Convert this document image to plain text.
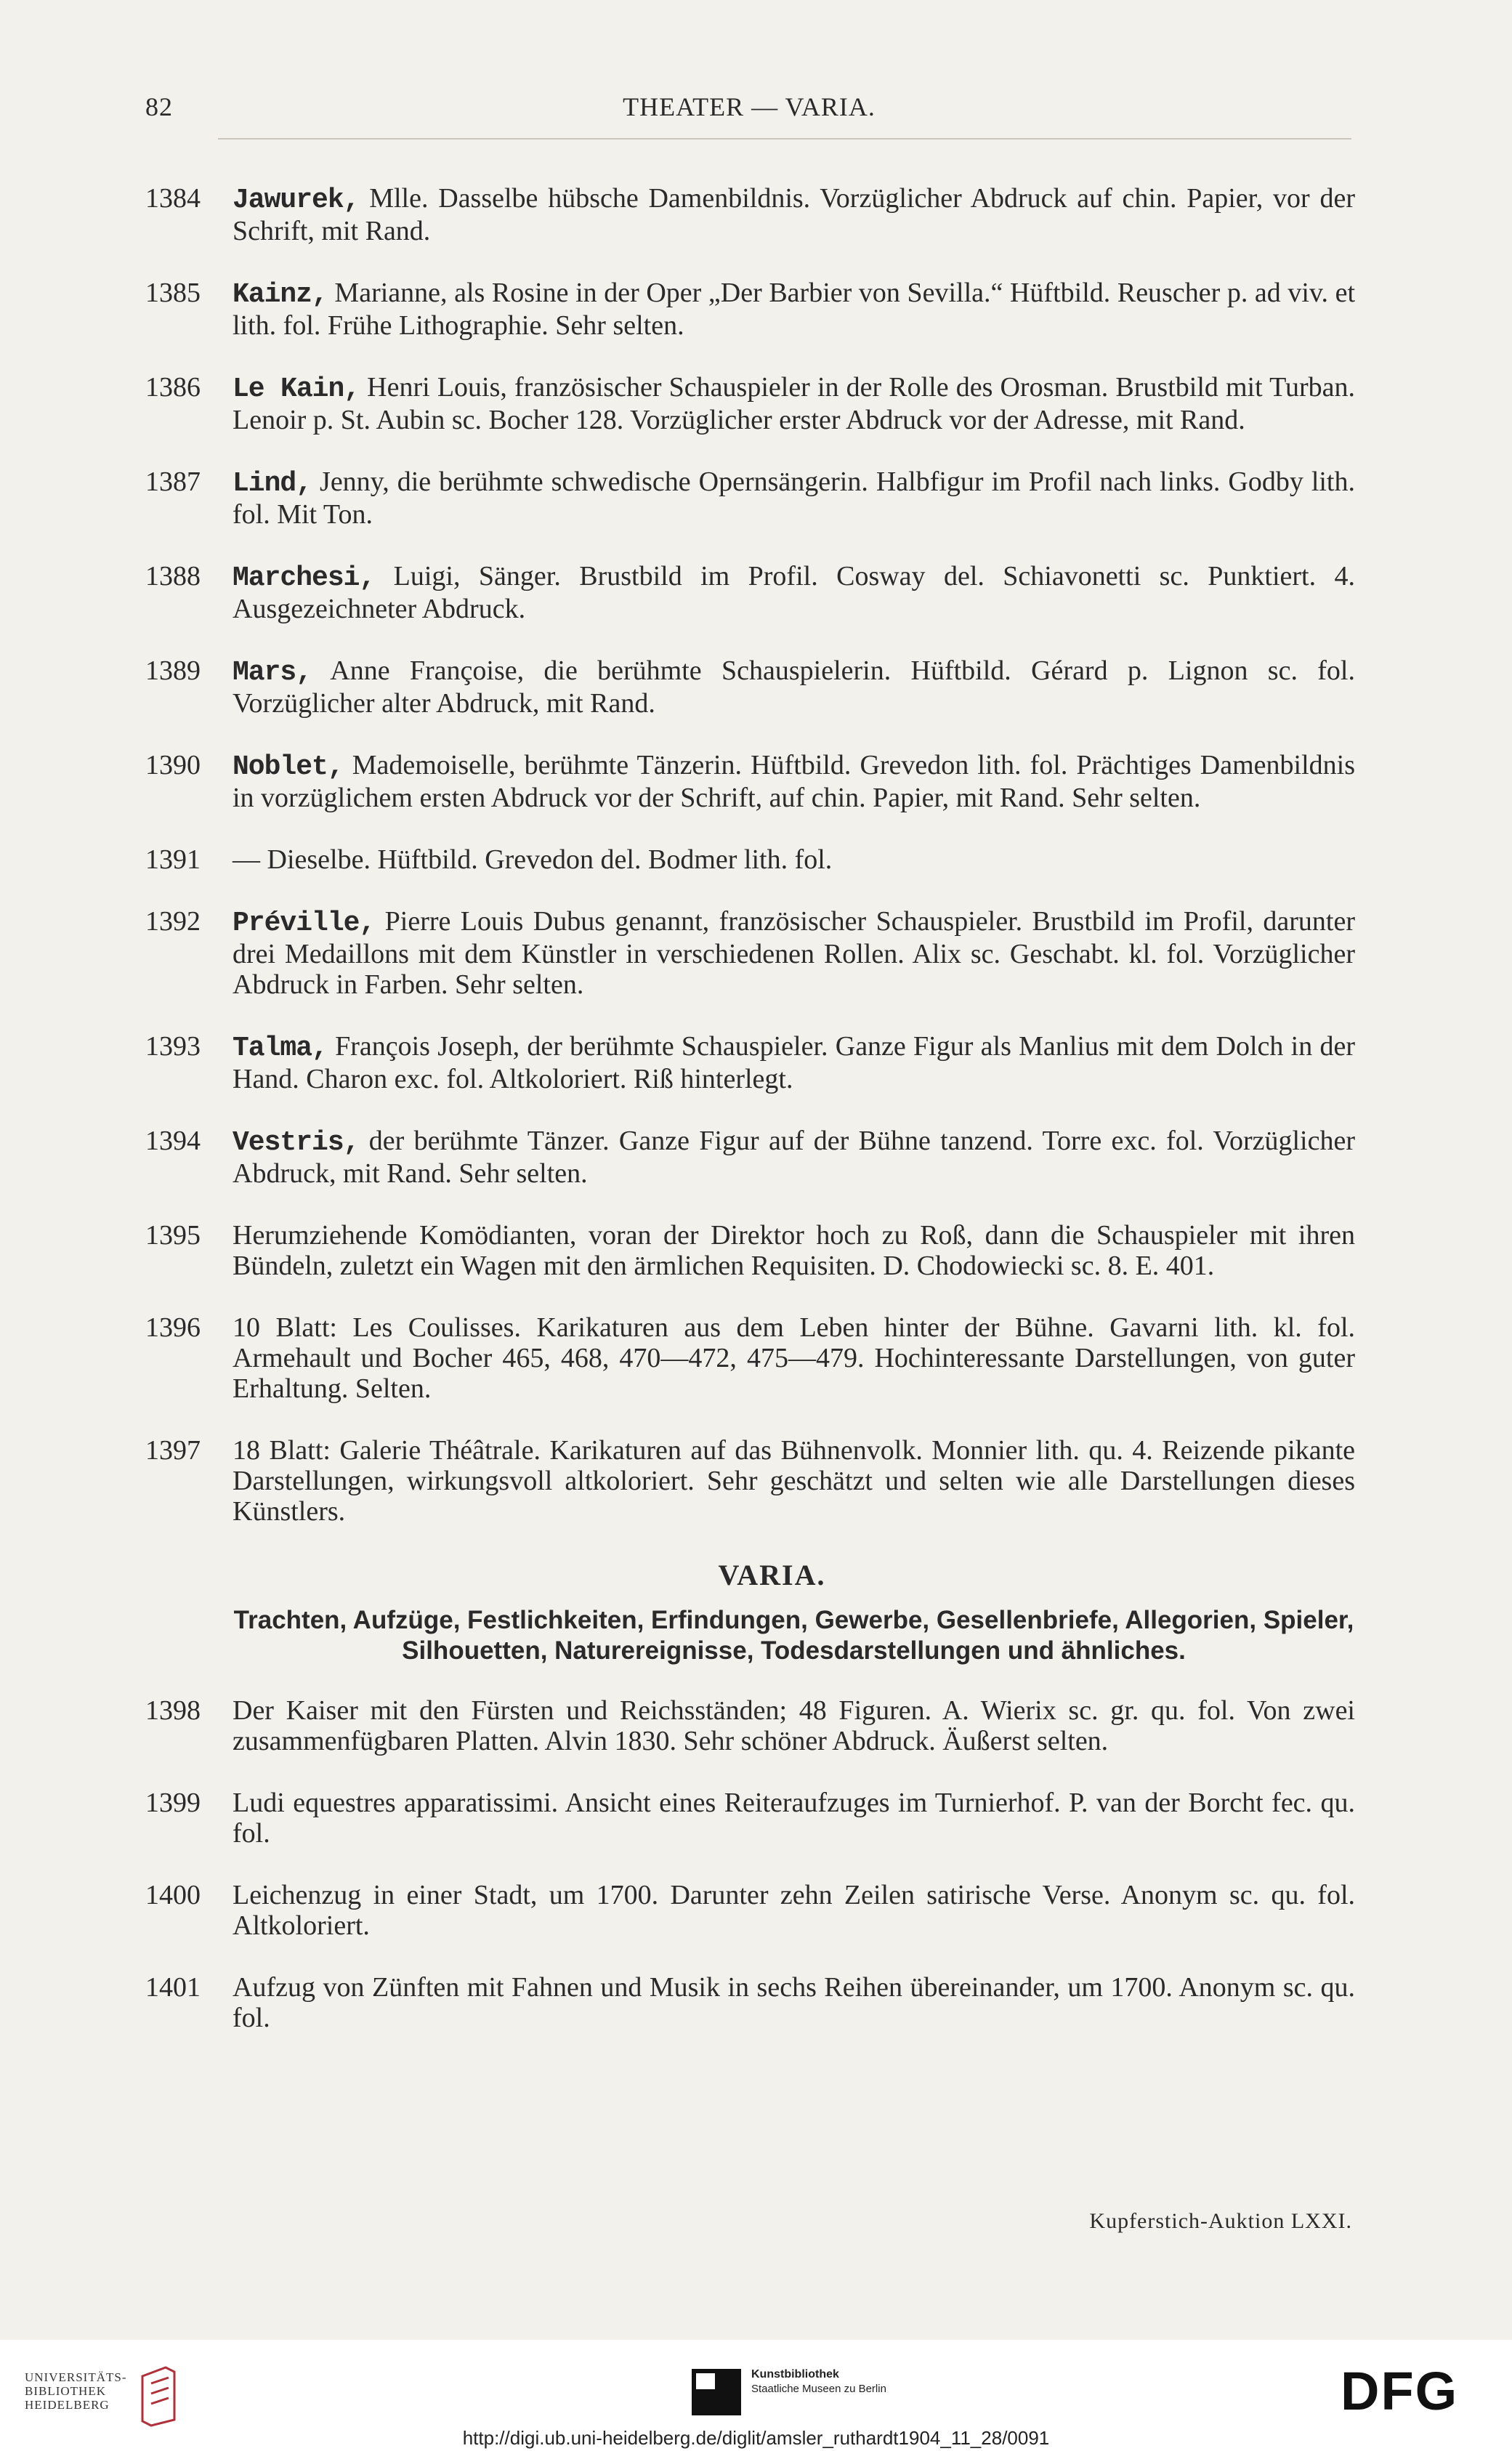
82	THEATER — VARIA.
1384	Jawurek, Mlle. Dasselbe hübsche Damenbildnis. Vorzüglicher Abdruck auf chin. Papier, vor der Schrift, mit Rand.
1385	Kainz, Marianne, als Rosine in der Oper „Der Barbier von Sevilla.“ Hüftbild. Reuscher p. ad viv. et lith. fol. Frühe Lithographie. Sehr selten.
1386	Le Kain, Henri Louis, französischer Schauspieler in der Rolle des Orosman. Brustbild mit Turban. Lenoir p. St. Aubin sc. Bocher 128. Vorzüglicher erster Abdruck vor der Adresse, mit Rand.
1387	Lind, Jenny, die berühmte schwedische Opernsängerin. Halbfigur im Profil nach links. Godby lith. fol. Mit Ton.
1388	Marchesi, Luigi, Sänger. Brustbild im Profil. Cosway del. Schiavonetti sc. Punktiert. 4. Ausgezeichneter Abdruck.
1389	Mars, Anne Françoise, die berühmte Schauspielerin. Hüftbild. Gérard p. Lignon sc. fol. Vorzüglicher alter Abdruck, mit Rand.
1390	Noblet, Mademoiselle, berühmte Tänzerin. Hüftbild. Grevedon lith. fol. Prächtiges Damenbildnis in vorzüglichem ersten Abdruck vor der Schrift, auf chin. Papier, mit Rand. Sehr selten.
1391	— Dieselbe. Hüftbild. Grevedon del. Bodmer lith. fol.
1392	Préville, Pierre Louis Dubus genannt, französischer Schauspieler. Brustbild im Profil, darunter drei Medaillons mit dem Künstler in verschiedenen Rollen. Alix sc. Geschabt. kl. fol. Vorzüglicher Abdruck in Farben. Sehr selten.
1393	Talma, François Joseph, der berühmte Schauspieler. Ganze Figur als Manlius mit dem Dolch in der Hand. Charon exc. fol. Altkoloriert. Riß hinterlegt.
1394	Vestris, der berühmte Tänzer. Ganze Figur auf der Bühne tanzend. Torre exc. fol. Vorzüglicher Abdruck, mit Rand. Sehr selten.
1395	Herumziehende Komödianten, voran der Direktor hoch zu Roß, dann die Schauspieler mit ihren Bündeln, zuletzt ein Wagen mit den ärmlichen Requisiten. D. Chodowiecki sc. 8. E. 401.
1396	10 Blatt: Les Coulisses. Karikaturen aus dem Leben hinter der Bühne. Gavarni lith. kl. fol. Armehault und Bocher 465, 468, 470—472, 475—479. Hochinteressante Darstellungen, von guter Erhaltung. Selten.
1397	18 Blatt: Galerie Théâtrale. Karikaturen auf das Bühnenvolk. Monnier lith. qu. 4. Reizende pikante Darstellungen, wirkungsvoll altkoloriert. Sehr geschätzt und selten wie alle Darstellungen dieses Künstlers.
VARIA.
Trachten, Aufzüge, Festlichkeiten, Erfindungen, Gewerbe, Gesellenbriefe, Allegorien, Spieler, Silhouetten, Naturereignisse, Todesdarstellungen und ähnliches.
1398	Der Kaiser mit den Fürsten und Reichsständen; 48 Figuren. A. Wierix sc. gr. qu. fol. Von zwei zusammenfügbaren Platten. Alvin 1830. Sehr schöner Abdruck. Äußerst selten.
1399	Ludi equestres apparatissimi. Ansicht eines Reiteraufzuges im Turnierhof. P. van der Borcht fec. qu. fol.
1400	Leichenzug in einer Stadt, um 1700. Darunter zehn Zeilen satirische Verse. Anonym sc. qu. fol. Altkoloriert.
1401	Aufzug von Zünften mit Fahnen und Musik in sechs Reihen übereinander, um 1700. Anonym sc. qu. fol.
Kupferstich-Auktion LXXI.
UNIVERSITÄTS-
BIBLIOTHEK
HEIDELBERG
Kunstbibliothek
Staatliche Museen zu Berlin	DFG
http://digi.ub.uni-heidelberg.de/diglit/amsler_ruthardt1904_11_28/0091
